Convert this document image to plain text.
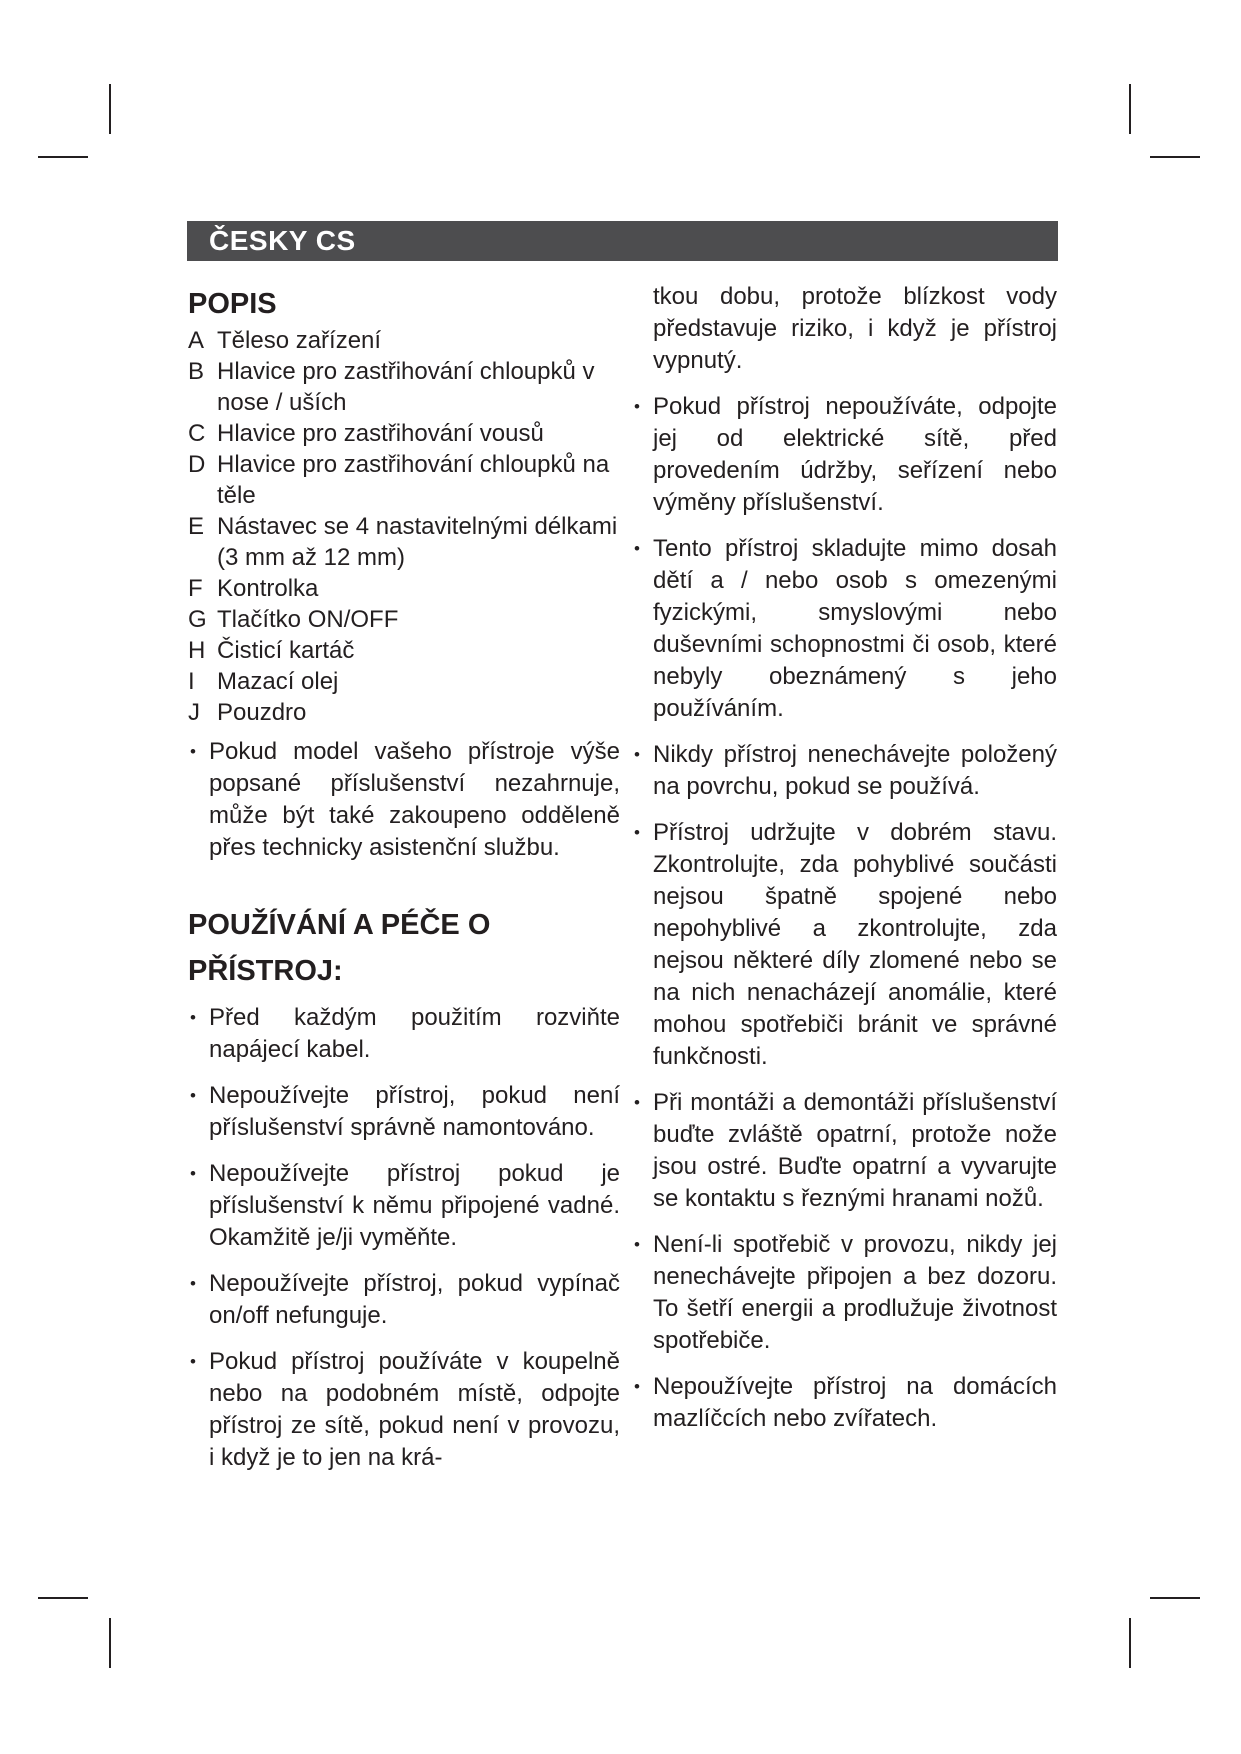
ČESKY CS
POPIS
A Těleso zařízení
B Hlavice pro zastřihování chloupků v nose / uších
C Hlavice pro zastřihování vousů
D Hlavice pro zastřihování chloupků na těle
E Nástavec se 4 nastavitelnými délkami (3 mm až 12 mm)
F Kontrolka
G Tlačítko ON/OFF
H Čisticí kartáč
I Mazací olej
J Pouzdro
• Pokud model vašeho přístroje výše popsané příslušenství nezahrnuje, může být také zakoupeno odděleně přes technicky asistenční službu.
POUŽÍVÁNÍ A PÉČE O PŘÍSTROJ:
• Před každým použitím rozviňte napájecí kabel.
• Nepoužívejte přístroj, pokud není příslušenství správně namontováno.
• Nepoužívejte přístroj pokud je příslušenství k němu připojené vadné. Okamžitě je/ji vyměňte.
• Nepoužívejte přístroj, pokud vypínač on/off nefunguje.
• Pokud přístroj používáte v koupelně nebo na podobném místě, odpojte přístroj ze sítě, pokud není v provozu, i když je to jen na krá-
tkou dobu, protože blízkost vody představuje riziko, i když je přístroj vypnutý.
• Pokud přístroj nepoužíváte, odpojte jej od elektrické sítě, před provedením údržby, seřízení nebo výměny příslušenství.
• Tento přístroj skladujte mimo dosah dětí a / nebo osob s omezenými fyzickými, smyslovými nebo duševními schopnostmi či osob, které nebyly obeznámený s jeho používáním.
• Nikdy přístroj nenechávejte položený na povrchu, pokud se používá.
• Přístroj udržujte v dobrém stavu. Zkontrolujte, zda pohyblivé součásti nejsou špatně spojené nebo nepohyblivé a zkontrolujte, zda nejsou některé díly zlomené nebo se na nich nenacházejí anomálie, které mohou spotřebiči bránit ve správné funkčnosti.
• Při montáži a demontáži příslušenství buďte zvláště opatrní, protože nože jsou ostré. Buďte opatrní a vyvarujte se kontaktu s řeznými hranami nožů.
• Není-li spotřebič v provozu, nikdy jej nenechávejte připojen a bez dozoru. To šetří energii a prodlužuje životnost spotřebiče.
• Nepoužívejte přístroj na domácích mazlíčcích nebo zvířatech.
